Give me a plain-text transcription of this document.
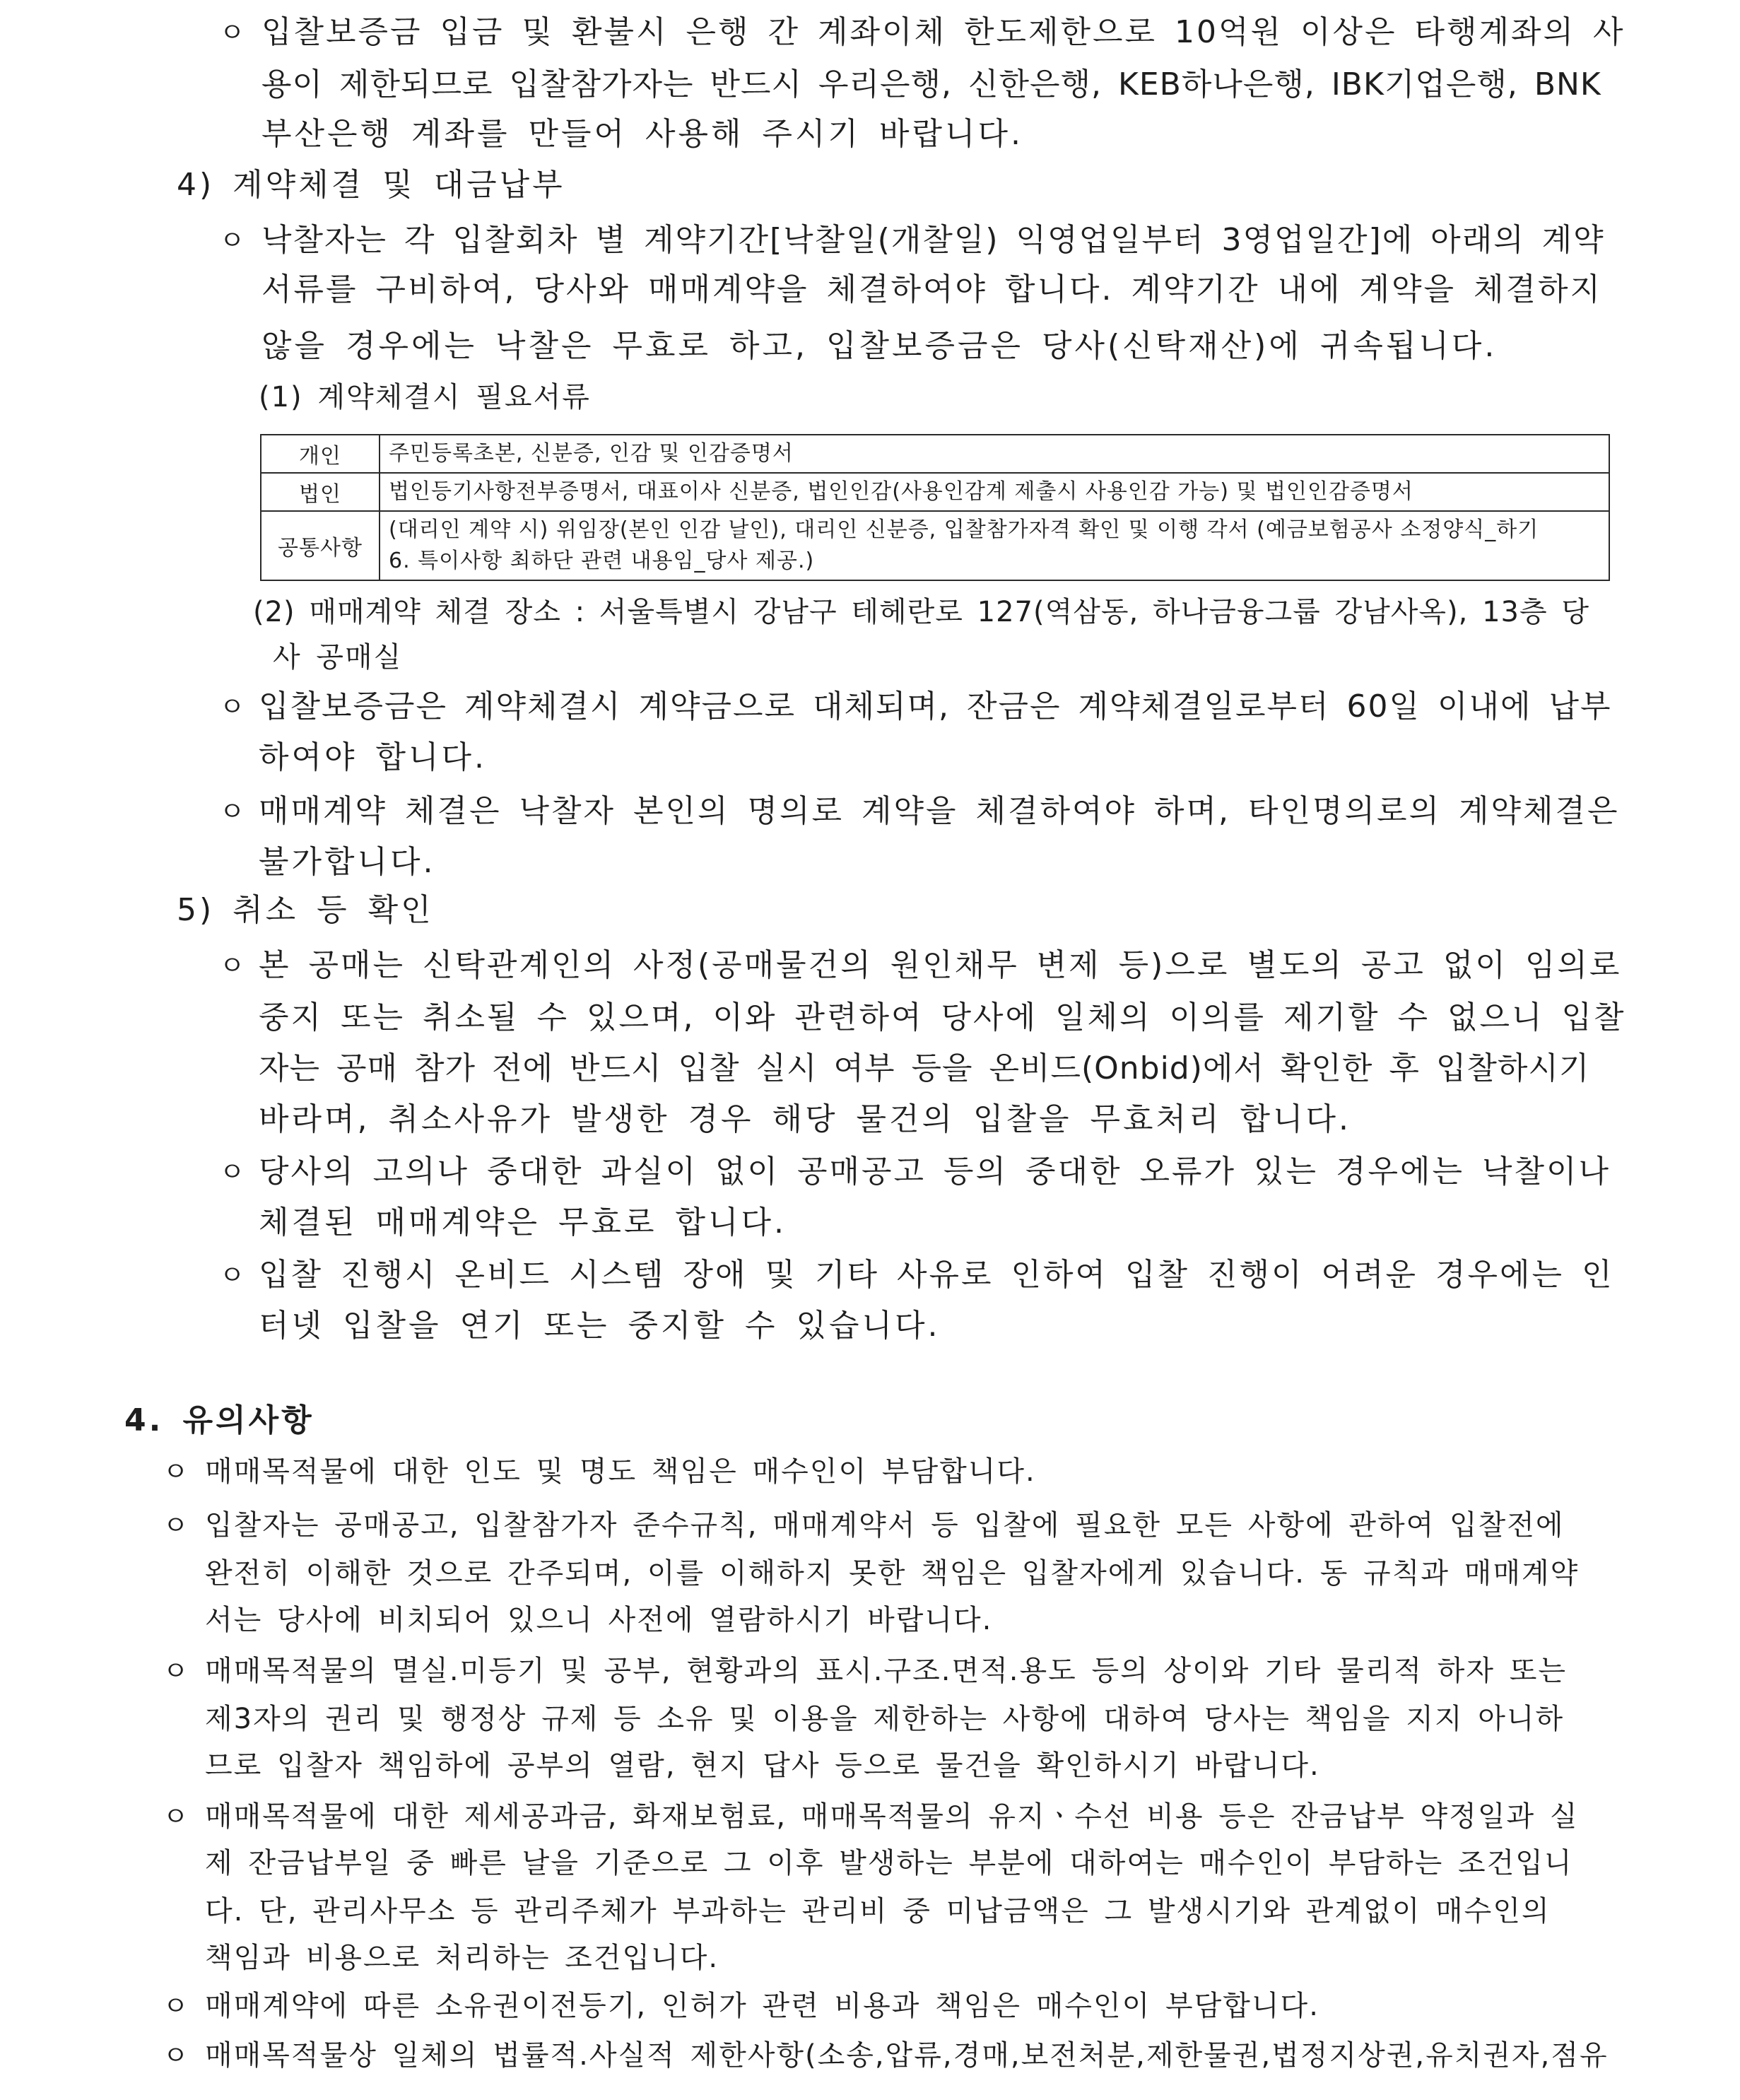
ㅇ 입찰보증금 입금 및 환불시 은행 간 계좌이체 한도제한으로 10억원 이상은 타행계좌의 사
용이 제한되므로 입찰참가자는 반드시 우리은행, 신한은행, KEB하나은행, IBK기업은행, BNK
부산은행 계좌를 만들어 사용해 주시기 바랍니다.
4) 계약체결 및 대금납부
ㅇ 낙찰자는 각 입찰회차 별 계약기간[낙찰일(개찰일) 익영업일부터 3영업일간]에 아래의 계약
서류를 구비하여, 당사와 매매계약을 체결하여야 합니다. 계약기간 내에 계약을 체결하지
않을 경우에는 낙찰은 무효로 하고, 입찰보증금은 당사(신탁재산)에 귀속됩니다.
(1) 계약체결시 필요서류
개인	주민등록초본, 신분증, 인감 및 인감증명서

법인	법인등기사항전부증명서, 대표이사 신분증, 법인인감(사용인감계 제출시 사용인감 가능) 및 법인인감증명서

공통사항	(대리인 계약 시) 위임장(본인 인감 날인), 대리인 신분증, 입찰참가자격 확인 및 이행 각서 (예금보험공사 소정양식_하기
6. 특이사항 최하단 관련 내용임_당사 제공.)
(2) 매매계약 체결 장소 : 서울특별시 강남구 테헤란로 127(역삼동, 하나금융그룹 강남사옥), 13층 당
사 공매실
ㅇ 입찰보증금은 계약체결시 계약금으로 대체되며, 잔금은 계약체결일로부터 60일 이내에 납부
하여야 합니다.
ㅇ 매매계약 체결은 낙찰자 본인의 명의로 계약을 체결하여야 하며, 타인명의로의 계약체결은
불가합니다.
5) 취소 등 확인
ㅇ 본 공매는 신탁관계인의 사정(공매물건의 원인채무 변제 등)으로 별도의 공고 없이 임의로
중지 또는 취소될 수 있으며, 이와 관련하여 당사에 일체의 이의를 제기할 수 없으니 입찰
자는 공매 참가 전에 반드시 입찰 실시 여부 등을 온비드(Onbid)에서 확인한 후 입찰하시기
바라며, 취소사유가 발생한 경우 해당 물건의 입찰을 무효처리 합니다.
ㅇ 당사의 고의나 중대한 과실이 없이 공매공고 등의 중대한 오류가 있는 경우에는 낙찰이나
체결된 매매계약은 무효로 합니다.
ㅇ 입찰 진행시 온비드 시스템 장애 및 기타 사유로 인하여 입찰 진행이 어려운 경우에는 인
터넷 입찰을 연기 또는 중지할 수 있습니다.
4. 유의사항
ㅇ 매매목적물에 대한 인도 및 명도 책임은 매수인이 부담합니다.
ㅇ 입찰자는 공매공고, 입찰참가자 준수규칙, 매매계약서 등 입찰에 필요한 모든 사항에 관하여 입찰전에
완전히 이해한 것으로 간주되며, 이를 이해하지 못한 책임은 입찰자에게 있습니다. 동 규칙과 매매계약
서는 당사에 비치되어 있으니 사전에 열람하시기 바랍니다.
ㅇ 매매목적물의 멸실.미등기 및 공부, 현황과의 표시.구조.면적.용도 등의 상이와 기타 물리적 하자 또는
제3자의 권리 및 행정상 규제 등 소유 및 이용을 제한하는 사항에 대하여 당사는 책임을 지지 아니하
므로 입찰자 책임하에 공부의 열람, 현지 답사 등으로 물건을 확인하시기 바랍니다.
ㅇ 매매목적물에 대한 제세공과금, 화재보험료, 매매목적물의 유지ㆍ수선 비용 등은 잔금납부 약정일과 실
제 잔금납부일 중 빠른 날을 기준으로 그 이후 발생하는 부분에 대하여는 매수인이 부담하는 조건입니
다. 단, 관리사무소 등 관리주체가 부과하는 관리비 중 미납금액은 그 발생시기와 관계없이 매수인의
책임과 비용으로 처리하는 조건입니다.
ㅇ 매매계약에 따른 소유권이전등기, 인허가 관련 비용과 책임은 매수인이 부담합니다.
ㅇ 매매목적물상 일체의 법률적.사실적 제한사항(소송,압류,경매,보전처분,제한물권,법정지상권,유치권자,점유
